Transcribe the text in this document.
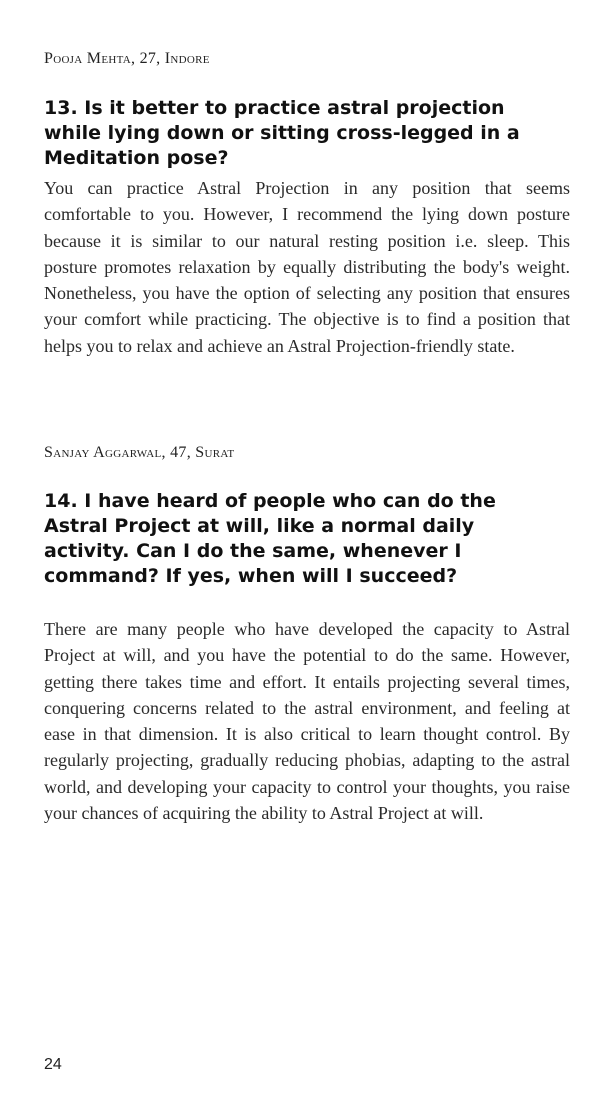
Pooja Mehta, 27, Indore

13. Is it better to practice astral projection while lying down or sitting cross-legged in a Meditation pose?

You can practice Astral Projection in any position that seems comfortable to you. However, I recommend the lying down posture because it is similar to our natural resting position i.e. sleep. This posture promotes relaxation by equally distributing the body's weight. Nonetheless, you have the option of selecting any position that ensures your comfort while practicing. The objective is to find a position that helps you to relax and achieve an Astral Projection-friendly state.

Sanjay Aggarwal, 47, Surat

14. I have heard of people who can do the Astral Project at will, like a normal daily activity. Can I do the same, whenever I command? If yes, when will I succeed?

There are many people who have developed the capacity to Astral Project at will, and you have the potential to do the same. However, getting there takes time and effort. It entails projecting several times, conquering concerns related to the astral environment, and feeling at ease in that dimension. It is also critical to learn thought control. By regularly projecting, gradually reducing phobias, adapting to the astral world, and developing your capacity to control your thoughts, you raise your chances of acquiring the ability to Astral Project at will.

24
